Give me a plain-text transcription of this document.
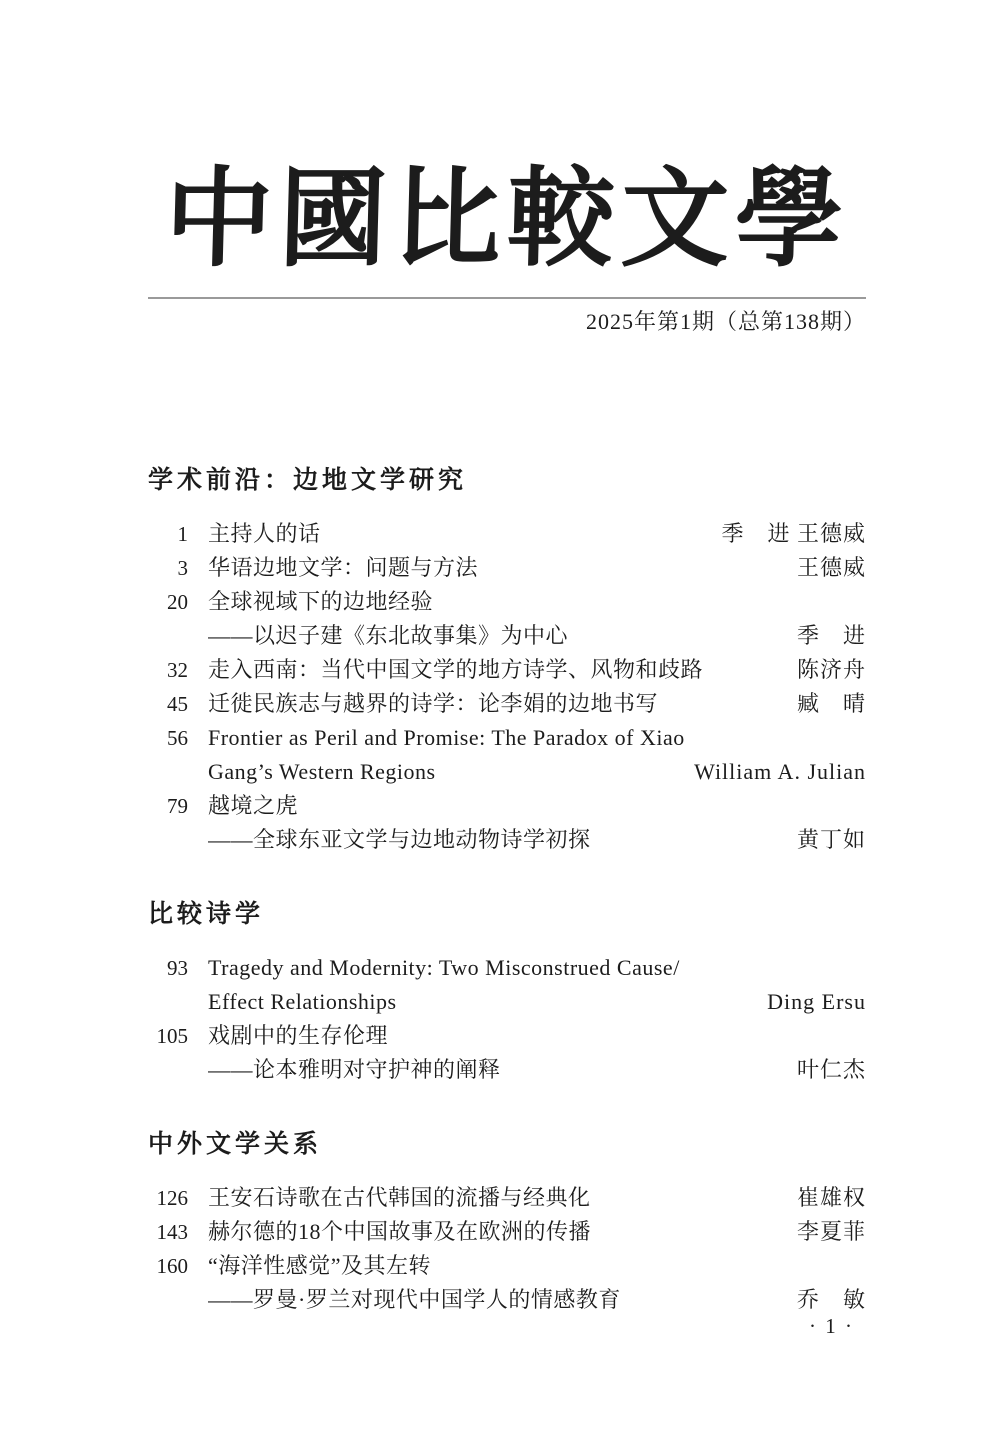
中國比較文學
2025年第1期（总第138期）
学术前沿：边地文学研究
1 主持人的话	季　进 王德威
3 华语边地文学：问题与方法	王德威
20 全球视域下的边地经验
——以迟子建《东北故事集》为中心	季　进
32 走入西南：当代中国文学的地方诗学、风物和歧路	陈济舟
45 迁徙民族志与越界的诗学：论李娟的边地书写	臧　晴
56 Frontier as Peril and Promise: The Paradox of Xiao
Gang’s Western Regions	William A. Julian
79 越境之虎
——全球东亚文学与边地动物诗学初探	黄丁如
比较诗学
93 Tragedy and Modernity: Two Misconstrued Cause/
Effect Relationships	Ding Ersu
105 戏剧中的生存伦理
——论本雅明对守护神的阐释	叶仁杰
中外文学关系
126 王安石诗歌在古代韩国的流播与经典化	崔雄权
143 赫尔德的18个中国故事及在欧洲的传播	李夏菲
160 “海洋性感觉”及其左转
——罗曼·罗兰对现代中国学人的情感教育	乔　敏
· 1 ·
